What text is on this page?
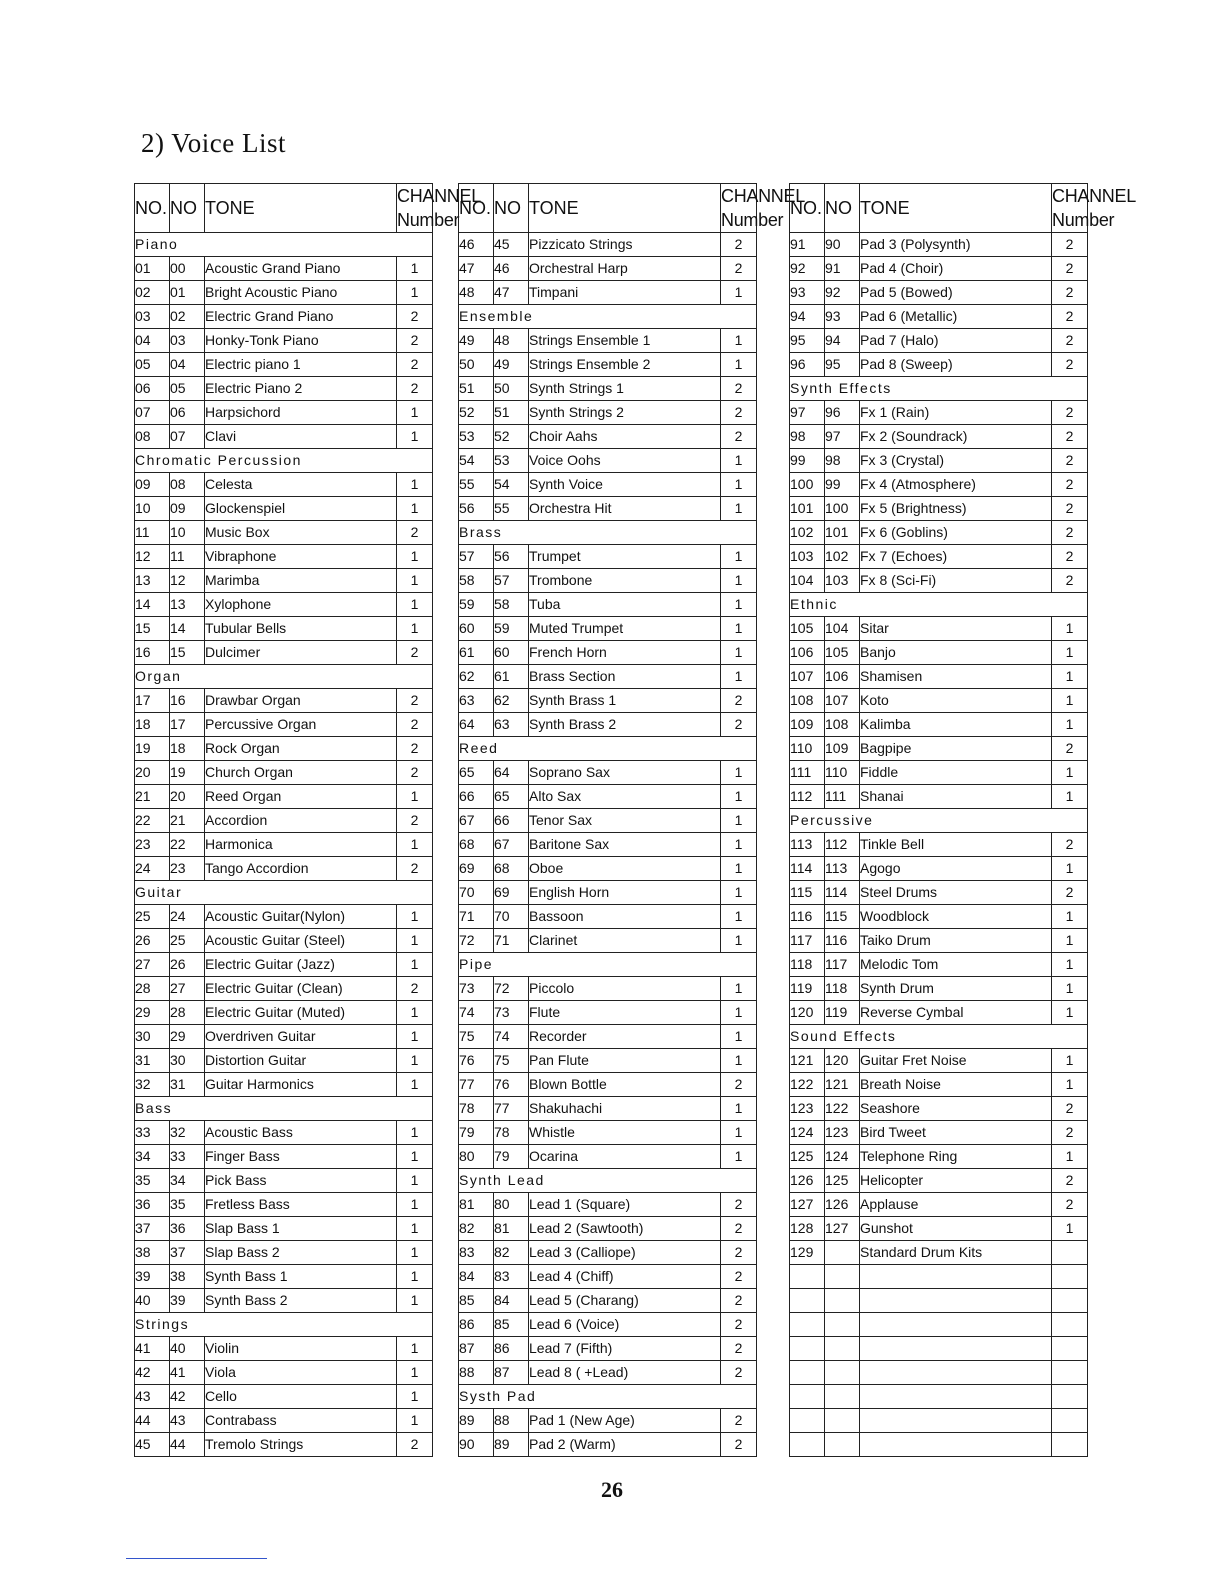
2) Voice List
NO.	NO	TONE	CHANNEL
Number
Piano			
01	00	Acoustic Grand Piano	1
02	01	Bright Acoustic Piano	1
03	02	Electric Grand Piano	2
04	03	Honky-Tonk Piano	2
05	04	Electric piano 1	2
06	05	Electric Piano 2	2
07	06	Harpsichord	1
08	07	Clavi	1
Chromatic Percussion			
09	08	Celesta	1
10	09	Glockenspiel	1
11	10	Music Box	2
12	11	Vibraphone	1
13	12	Marimba	1
14	13	Xylophone	1
15	14	Tubular Bells	1
16	15	Dulcimer	2
Organ			
17	16	Drawbar Organ	2
18	17	Percussive Organ	2
19	18	Rock Organ	2
20	19	Church Organ	2
21	20	Reed Organ	1
22	21	Accordion	2
23	22	Harmonica	1
24	23	Tango Accordion	2
Guitar			
25	24	Acoustic Guitar(Nylon)	1
26	25	Acoustic Guitar (Steel)	1
27	26	Electric Guitar (Jazz)	1
28	27	Electric Guitar (Clean)	2
29	28	Electric Guitar (Muted)	1
30	29	Overdriven Guitar	1
31	30	Distortion Guitar	1
32	31	Guitar Harmonics	1
Bass			
33	32	Acoustic Bass	1
34	33	Finger Bass	1
35	34	Pick Bass	1
36	35	Fretless Bass	1
37	36	Slap Bass 1	1
38	37	Slap Bass 2	1
39	38	Synth Bass 1	1
40	39	Synth Bass 2	1
Strings			
41	40	Violin	1
42	41	Viola	1
43	42	Cello	1
44	43	Contrabass	1
45	44	Tremolo Strings	2
NO.	NO	TONE	CHANNEL
Number
46	45	Pizzicato Strings	2
47	46	Orchestral Harp	2
48	47	Timpani	1
Ensemble			
49	48	Strings Ensemble 1	1
50	49	Strings Ensemble 2	1
51	50	Synth Strings 1	2
52	51	Synth Strings 2	2
53	52	Choir Aahs	2
54	53	Voice Oohs	1
55	54	Synth Voice	1
56	55	Orchestra Hit	1
Brass			
57	56	Trumpet	1
58	57	Trombone	1
59	58	Tuba	1
60	59	Muted Trumpet	1
61	60	French Horn	1
62	61	Brass Section	1
63	62	Synth Brass 1	2
64	63	Synth Brass 2	2
Reed			
65	64	Soprano Sax	1
66	65	Alto Sax	1
67	66	Tenor Sax	1
68	67	Baritone Sax	1
69	68	Oboe	1
70	69	English Horn	1
71	70	Bassoon	1
72	71	Clarinet	1
Pipe			
73	72	Piccolo	1
74	73	Flute	1
75	74	Recorder	1
76	75	Pan Flute	1
77	76	Blown Bottle	2
78	77	Shakuhachi	1
79	78	Whistle	1
80	79	Ocarina	1
Synth Lead			
81	80	Lead 1 (Square)	2
82	81	Lead 2 (Sawtooth)	2
83	82	Lead 3 (Calliope)	2
84	83	Lead 4 (Chiff)	2
85	84	Lead 5 (Charang)	2
86	85	Lead 6 (Voice)	2
87	86	Lead 7 (Fifth)	2
88	87	Lead 8 ( +Lead)	2
Systh Pad			
89	88	Pad 1 (New Age)	2
90	89	Pad 2 (Warm)	2
NO.	NO	TONE	CHANNEL
Number
91	90	Pad 3 (Polysynth)	2
92	91	Pad 4 (Choir)	2
93	92	Pad 5 (Bowed)	2
94	93	Pad 6 (Metallic)	2
95	94	Pad 7 (Halo)	2
96	95	Pad 8 (Sweep)	2
Synth Effects			
97	96	Fx 1 (Rain)	2
98	97	Fx 2 (Soundrack)	2
99	98	Fx 3 (Crystal)	2
100	99	Fx 4 (Atmosphere)	2
101	100	Fx 5 (Brightness)	2
102	101	Fx 6 (Goblins)	2
103	102	Fx 7 (Echoes)	2
104	103	Fx 8 (Sci-Fi)	2
Ethnic			
105	104	Sitar	1
106	105	Banjo	1
107	106	Shamisen	1
108	107	Koto	1
109	108	Kalimba	1
110	109	Bagpipe	2
111	110	Fiddle	1
112	111	Shanai	1
Percussive			
113	112	Tinkle Bell	2
114	113	Agogo	1
115	114	Steel Drums	2
116	115	Woodblock	1
117	116	Taiko Drum	1
118	117	Melodic Tom	1
119	118	Synth Drum	1
120	119	Reverse Cymbal	1
Sound Effects			
121	120	Guitar Fret Noise	1
122	121	Breath Noise	1
123	122	Seashore	2
124	123	Bird Tweet	2
125	124	Telephone Ring	1
126	125	Helicopter	2
127	126	Applause	2
128	127	Gunshot	1
129		Standard Drum Kits	

26
